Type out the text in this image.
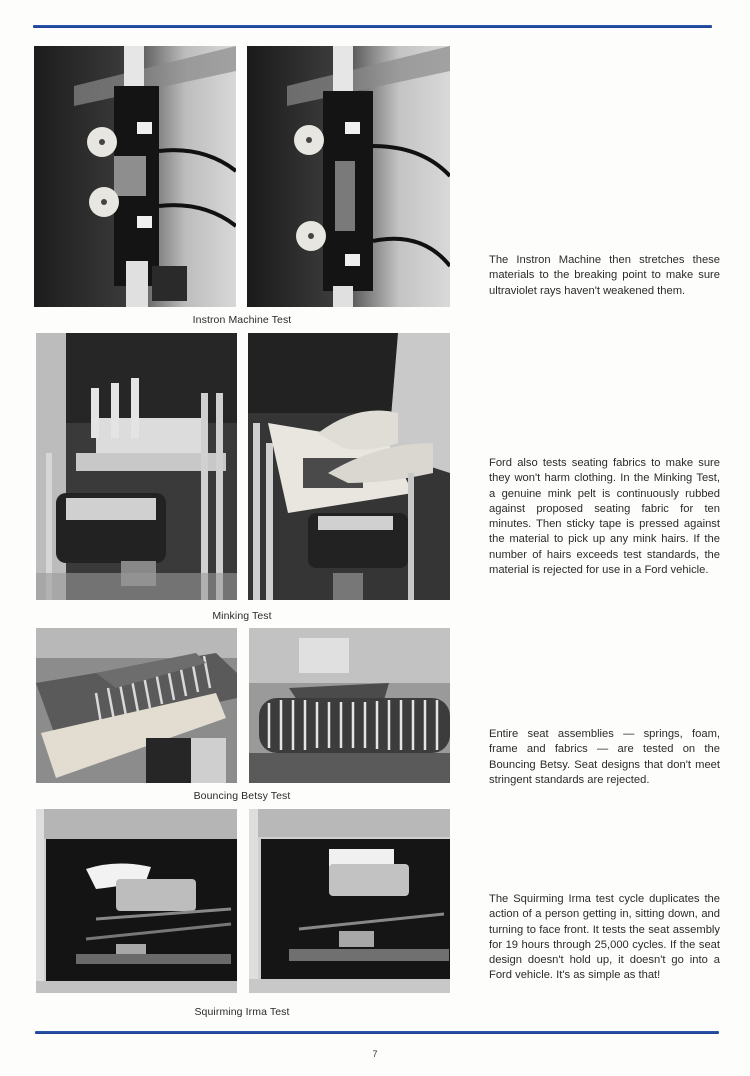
Instron Machine Test
The Instron Machine then stretches these materials to the breaking point to make sure ultraviolet rays haven't weakened them.
Minking Test
Ford also tests seating fabrics to make sure they won't harm clothing. In the Minking Test, a genuine mink pelt is continuously rubbed against proposed seating fabric for ten minutes. Then sticky tape is pressed against the material to pick up any mink hairs. If the number of hairs exceeds test standards, the material is rejected for use in a Ford vehicle.
Bouncing Betsy Test
Entire seat assemblies — springs, foam, frame and fabrics — are tested on the Bouncing Betsy. Seat designs that don't meet stringent standards are rejected.
Squirming Irma Test
The Squirming Irma test cycle duplicates the action of a person getting in, sitting down, and turning to face front. It tests the seat assembly for 19 hours through 25,000 cycles. If the seat design doesn't hold up, it doesn't go into a Ford vehicle. It's as simple as that!
7
